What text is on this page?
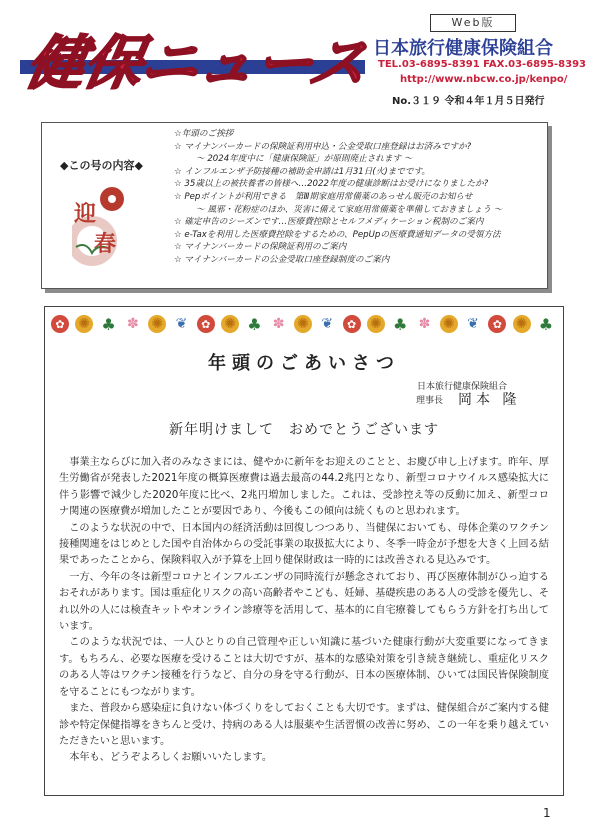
健保ニュース
Web版
日本旅行健康保険組合
TEL.03-6895-8391 FAX.03-6895-8393
http://www.nbcw.co.jp/kenpo/
No.３１９ 令和４年１月５日発行
◆この号の内容◆
迎
春
☆年頭のご挨拶
☆ マイナンバーカードの保険証利用申込・公金受取口座登録はお済みですか?
～ 2024年度中に「健康保険証」が原則廃止されます ～
☆ インフルエンザ予防接種の補助金申請は1月31日(火)までです。
☆ 35歳以上の被扶養者の皆様へ…2022年度の健康診断はお受けになりましたか?
☆ Pepポイントが利用できる　第Ⅲ期家庭用常備薬のあっせん販売のお知らせ
～ 風邪・花粉症のほか、災害に備えて家庭用常備薬を準備しておきましょう ～
☆ 確定申告のシーズンです…医療費控除とセルフメディケーション税制のご案内
☆ e-Taxを利用した医療費控除をするための、PepUpの医療費通知データの受領方法
☆ マイナンバーカードの保険証利用のご案内
☆ マイナンバーカードの公金受取口座登録制度のご案内
✿ ✺ ♣ ✽ ✺ ❦	✿ ✺ ♣ ✽ ✺ ❦	✿ ✺ ♣ ✽ ✺ ❦	✿ ✺ ♣
年頭のごあいさつ
日本旅行健康保険組合
理事長 岡本 隆
新年明けまして　おめでとうございます

事業主ならびに加入者のみなさまには、健やかに新年をお迎えのことと、お慶び申し上げます。昨年、厚生労働省が発表した2021年度の概算医療費は過去最高の44.2兆円となり、新型コロナウイルス感染拡大に伴う影響で減少した2020年度に比べ、2兆円増加しました。これは、受診控え等の反動に加え、新型コロナ関連の医療費が増加したことが要因であり、今後もこの傾向は続くものと思われます。

このような状況の中で、日本国内の経済活動は回復しつつあり、当健保においても、母体企業のワクチン接種関連をはじめとした国や自治体からの受託事業の取扱拡大により、冬季一時金が予想を大きく上回る結果であったことから、保険料収入が予算を上回り健保財政は一時的には改善される見込みです。

一方、今年の冬は新型コロナとインフルエンザの同時流行が懸念されており、再び医療体制がひっ迫するおそれがあります。国は重症化リスクの高い高齢者やこども、妊婦、基礎疾患のある人の受診を優先し、それ以外の人には検査キットやオンライン診療等を活用して、基本的に自宅療養してもらう方針を打ち出しています。

このような状況では、一人ひとりの自己管理や正しい知識に基づいた健康行動が大変重要になってきます。もちろん、必要な医療を受けることは大切ですが、基本的な感染対策を引き続き継続し、重症化リスクのある人等はワクチン接種を行うなど、自分の身を守る行動が、日本の医療体制、ひいては国民皆保険制度を守ることにもつながります。

また、普段から感染症に負けない体づくりをしておくことも大切です。まずは、健保組合がご案内する健診や特定保健指導をきちんと受け、持病のある人は服薬や生活習慣の改善に努め、この一年を乗り越えていただきたいと思います。

本年も、どうぞよろしくお願いいたします。

1
